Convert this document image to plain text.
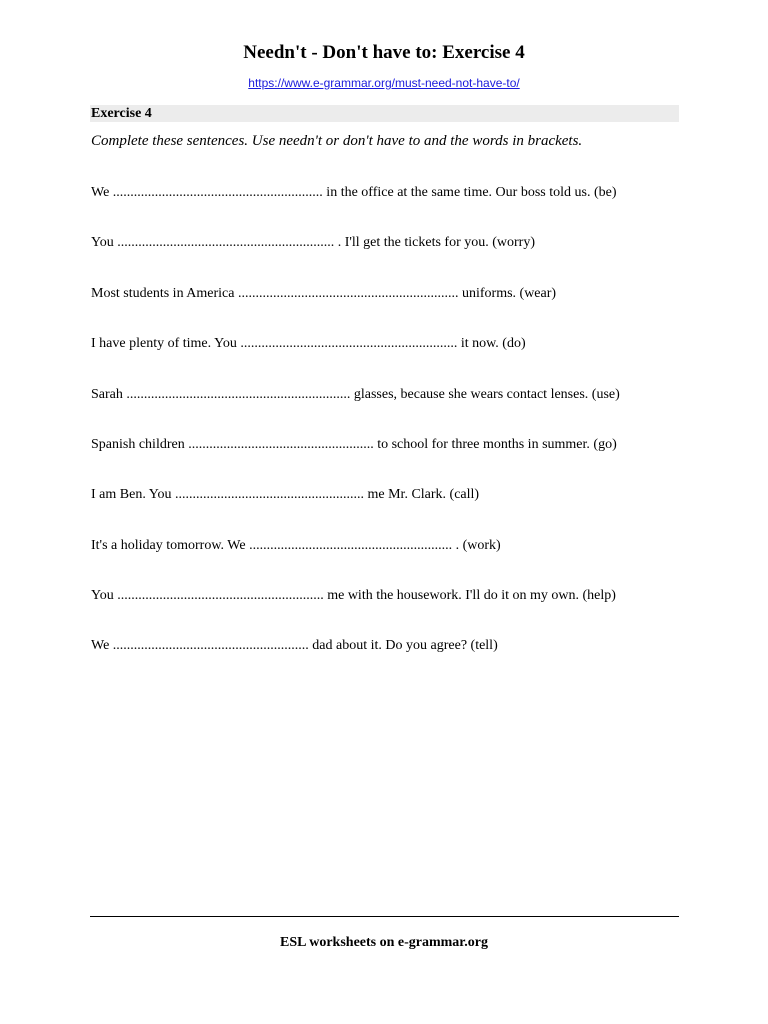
Needn't - Don't have to: Exercise 4
https://www.e-grammar.org/must-need-not-have-to/
Exercise 4
Complete these sentences. Use needn't or don't have to and the words in brackets.
We ............................................................ in the office at the same time. Our boss told us. (be)
You .............................................................. . I'll get the tickets for you. (worry)
Most students in America ............................................................... uniforms. (wear)
I have plenty of time. You .............................................................. it now. (do)
Sarah ................................................................ glasses, because she wears contact lenses. (use)
Spanish children ..................................................... to school for three months in summer. (go)
I am Ben. You ...................................................... me Mr. Clark. (call)
It's a holiday tomorrow. We .......................................................... . (work)
You ........................................................... me with the housework. I'll do it on my own. (help)
We ........................................................ dad about it. Do you agree? (tell)
ESL worksheets on e-grammar.org
